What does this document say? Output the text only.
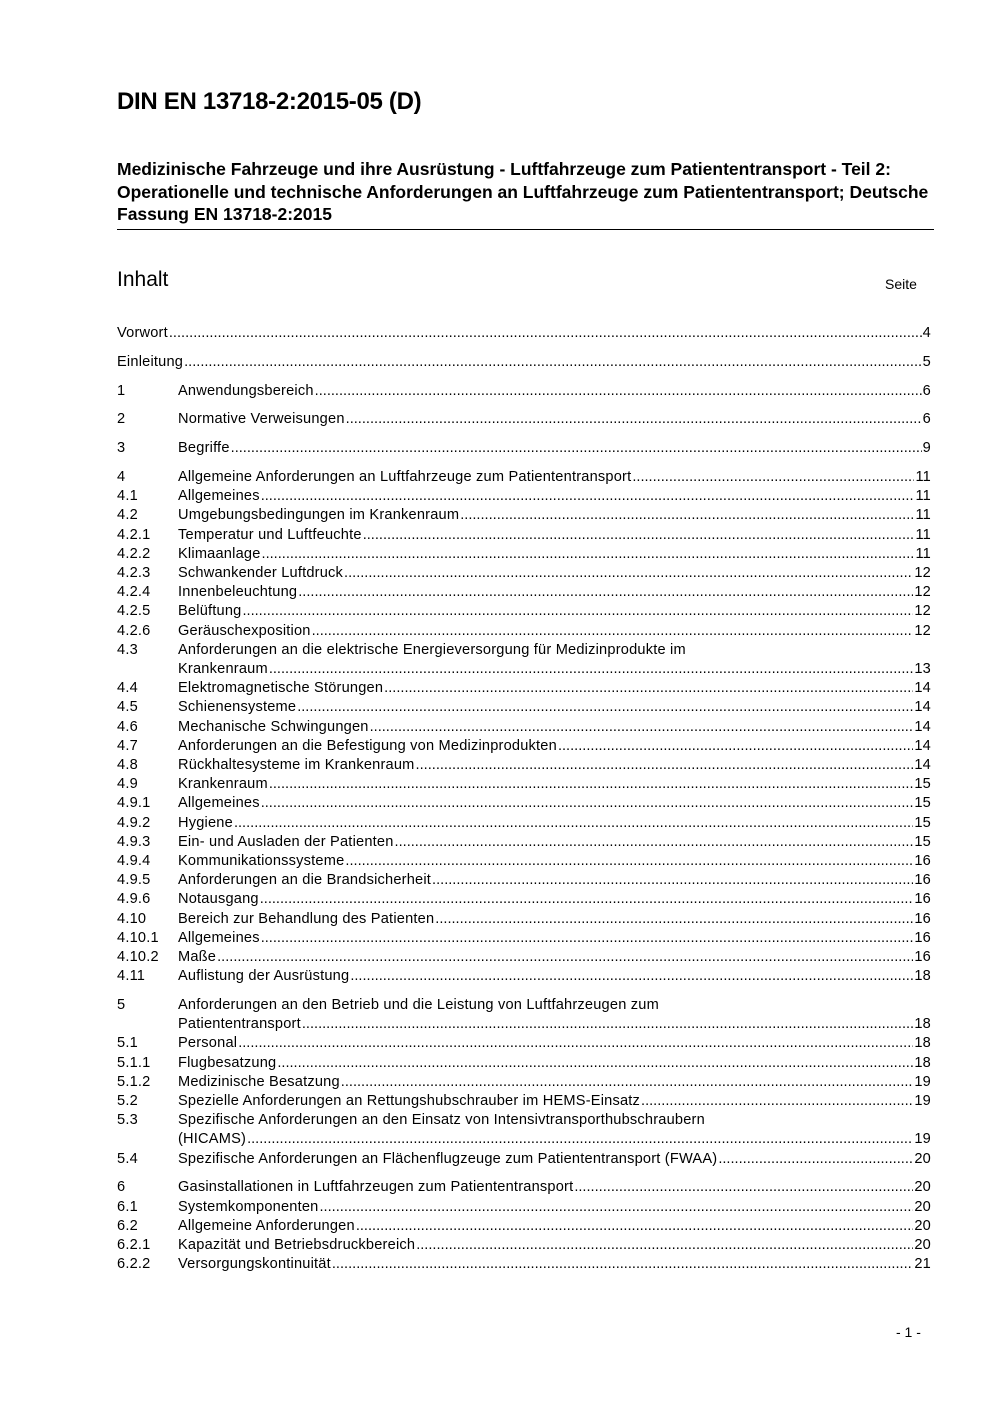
DIN EN 13718-2:2015-05 (D)
Medizinische Fahrzeuge und ihre Ausrüstung - Luftfahrzeuge zum Patiententransport - Teil 2: Operationelle und technische Anforderungen an Luftfahrzeuge zum Patiententransport; Deutsche Fassung EN 13718-2:2015
Inhalt	Seite
Vorwort .....	4
Einleitung .....	5
1	Anwendungsbereich .....	6
2	Normative Verweisungen .....	6
3	Begriffe .....	9
4	Allgemeine Anforderungen an Luftfahrzeuge zum Patiententransport .....	11
4.1	Allgemeines .....	11
4.2	Umgebungsbedingungen im Krankenraum .....	11
4.2.1 Temperatur und Luftfeuchte .....	11
4.2.2 Klimaanlage .....	11
4.2.3 Schwankender Luftdruck .....	12
4.2.4 Innenbeleuchtung .....	12
4.2.5 Belüftung .....	12
4.2.6 Geräuschexposition .....	12
4.3	Anforderungen an die elektrische Energieversorgung für Medizinprodukte im
Krankenraum .....	13
4.4	Elektromagnetische Störungen .....	14
4.5	Schienensysteme .....	14
4.6	Mechanische Schwingungen .....	14
4.7	Anforderungen an die Befestigung von Medizinprodukten .....	14
4.8	Rückhaltesysteme im Krankenraum .....	14
4.9	Krankenraum .....	15
4.9.1 Allgemeines .....	15
4.9.2 Hygiene .....	15
4.9.3 Ein- und Ausladen der Patienten .....	15
4.9.4 Kommunikationssysteme .....	16
4.9.5 Anforderungen an die Brandsicherheit .....	16
4.9.6 Notausgang .....	16
4.10 Bereich zur Behandlung des Patienten .....	16
4.10.1 Allgemeines .....	16
4.10.2 Maße .....	16
4.11 Auflistung der Ausrüstung .....	18
5	Anforderungen an den Betrieb und die Leistung von Luftfahrzeugen zum
Patiententransport .....	18
5.1	Personal .....	18
5.1.1 Flugbesatzung .....	18
5.1.2 Medizinische Besatzung .....	19
5.2	Spezielle Anforderungen an Rettungshubschrauber im HEMS-Einsatz .....	19
5.3	Spezifische Anforderungen an den Einsatz von Intensivtransporthubschraubern
(HICAMS) .....	19
5.4	Spezifische Anforderungen an Flächenflugzeuge zum Patiententransport (FWAA) .....	20
6	Gasinstallationen in Luftfahrzeugen zum Patiententransport .....	20
6.1	Systemkomponenten .....	20
6.2	Allgemeine Anforderungen .....	20
6.2.1 Kapazität und Betriebsdruckbereich .....	20
6.2.2 Versorgungskontinuität .....	21
- 1 -
